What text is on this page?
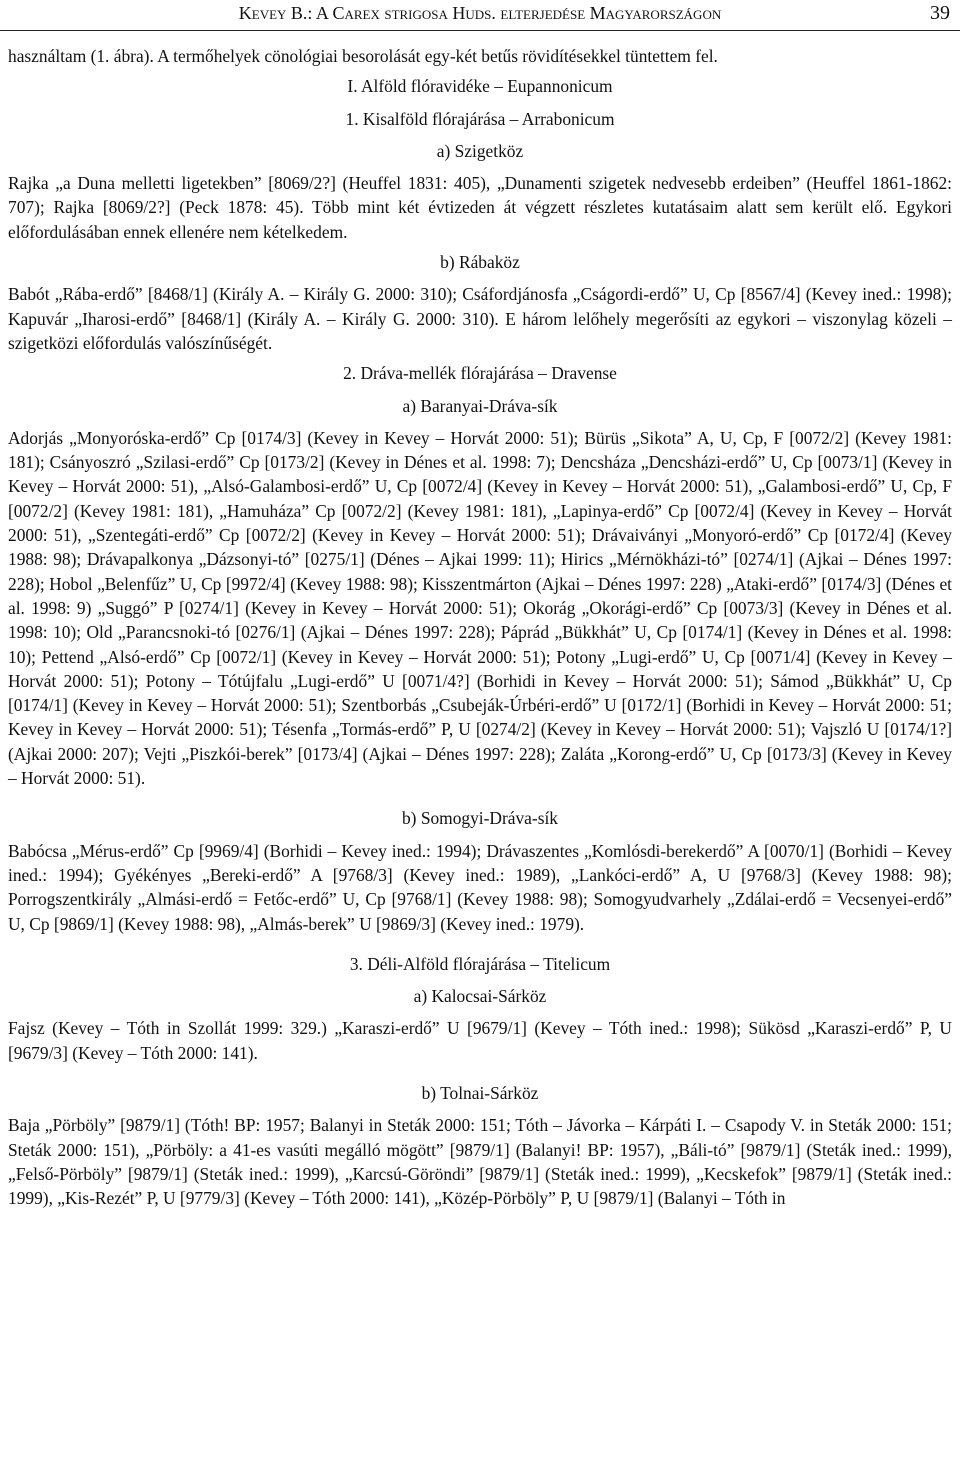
Kevey B.: A Carex strigosa Huds. elterjedése Magyarországon	39

használtam (1. ábra). A termőhelyek cönológiai besorolását egy-két betűs rövidítésekkel tüntettem fel.

I. Alföld flóravidéke – Eupannonicum

1. Kisalföld flórajárása – Arrabonicum

a) Szigetköz

Rajka „a Duna melletti ligetekben” [8069/2?] (Heuffel 1831: 405), „Dunamenti szigetek nedvesebb erdeiben” (Heuffel 1861-1862: 707); Rajka [8069/2?] (Peck 1878: 45). Több mint két évtizeden át végzett részletes kutatásaim alatt sem került elő. Egykori előfordulásában ennek ellenére nem kételkedem.

b) Rábaköz

Babót „Rába-erdő” [8468/1] (Király A. – Király G. 2000: 310); Csáfordjánosfa „Cságordi-erdő” U, Cp [8567/4] (Kevey ined.: 1998); Kapuvár „Iharosi-erdő” [8468/1] (Király A. – Király G. 2000: 310). E három lelőhely megerősíti az egykori – viszonylag közeli – szigetközi előfordulás valószínűségét.

2. Dráva-mellék flórajárása – Dravense

a) Baranyai-Dráva-sík

Adorjás „Monyoróska-erdő” Cp [0174/3] (Kevey in Kevey – Horvát 2000: 51); Bürüs „Sikota” A, U, Cp, F [0072/2] (Kevey 1981: 181); Csányoszró „Szilasi-erdő” Cp [0173/2] (Kevey in Dénes et al. 1998: 7); Dencsháza „Dencsházi-erdő” U, Cp [0073/1] (Kevey in Kevey – Horvát 2000: 51), „Alsó-Galambosi-erdő” U, Cp [0072/4] (Kevey in Kevey – Horvát 2000: 51), „Galambosi-erdő” U, Cp, F [0072/2] (Kevey 1981: 181), „Hamuháza” Cp [0072/2] (Kevey 1981: 181), „Lapinya-erdő” Cp [0072/4] (Kevey in Kevey – Horvát 2000: 51), „Szentegáti-erdő” Cp [0072/2] (Kevey in Kevey – Horvát 2000: 51); Drávaiványi „Monyoró-erdő” Cp [0172/4] (Kevey 1988: 98); Drávapalkonya „Dázsonyi-tó” [0275/1] (Dénes – Ajkai 1999: 11); Hirics „Mérnökházi-tó” [0274/1] (Ajkai – Dénes 1997: 228); Hobol „Belenfűz” U, Cp [9972/4] (Kevey 1988: 98); Kisszentmárton (Ajkai – Dénes 1997: 228) „Ataki-erdő” [0174/3] (Dénes et al. 1998: 9) „Suggó” P [0274/1] (Kevey in Kevey – Horvát 2000: 51); Okorág „Okorági-erdő” Cp [0073/3] (Kevey in Dénes et al. 1998: 10); Old „Parancsnoki-tó [0276/1] (Ajkai – Dénes 1997: 228); Páprád „Bükkhát” U, Cp [0174/1] (Kevey in Dénes et al. 1998: 10); Pettend „Alsó-erdő” Cp [0072/1] (Kevey in Kevey – Horvát 2000: 51); Potony „Lugi-erdő” U, Cp [0071/4] (Kevey in Kevey – Horvát 2000: 51); Potony – Tótújfalu „Lugi-erdő” U [0071/4?] (Borhidi in Kevey – Horvát 2000: 51); Sámod „Bükkhát” U, Cp [0174/1] (Kevey in Kevey – Horvát 2000: 51); Szentborbás „Csubeják-Úrbéri-erdő” U [0172/1] (Borhidi in Kevey – Horvát 2000: 51; Kevey in Kevey – Horvát 2000: 51); Tésenfa „Tormás-erdő” P, U [0274/2] (Kevey in Kevey – Horvát 2000: 51); Vajszló U [0174/1?] (Ajkai 2000: 207); Vejti „Piszkói-berek” [0173/4] (Ajkai – Dénes 1997: 228); Zaláta „Korong-erdő” U, Cp [0173/3] (Kevey in Kevey – Horvát 2000: 51).

b) Somogyi-Dráva-sík

Babócsa „Mérus-erdő” Cp [9969/4] (Borhidi – Kevey ined.: 1994); Drávaszentes „Komlósdi-berekerdő” A [0070/1] (Borhidi – Kevey ined.: 1994); Gyékényes „Bereki-erdő” A [9768/3] (Kevey ined.: 1989), „Lankóci-erdő” A, U [9768/3] (Kevey 1988: 98); Porrogszentkirály „Almási-erdő = Fetőc-erdő” U, Cp [9768/1] (Kevey 1988: 98); Somogyudvarhely „Zdálai-erdő = Vecsenyei-erdő” U, Cp [9869/1] (Kevey 1988: 98), „Almás-berek” U [9869/3] (Kevey ined.: 1979).

3. Déli-Alföld flórajárása – Titelicum

a) Kalocsai-Sárköz

Fajsz (Kevey – Tóth in Szollát 1999: 329.) „Karaszi-erdő” U [9679/1] (Kevey – Tóth ined.: 1998); Sükösd „Karaszi-erdő” P, U [9679/3] (Kevey – Tóth 2000: 141).

b) Tolnai-Sárköz

Baja „Pörböly” [9879/1] (Tóth! BP: 1957; Balanyi in Steták 2000: 151; Tóth – Jávorka – Kárpáti I. – Csapody V. in Steták 2000: 151; Steták 2000: 151), „Pörböly: a 41-es vasúti megálló mögött” [9879/1] (Balanyi! BP: 1957), „Báli-tó” [9879/1] (Steták ined.: 1999), „Felső-Pörböly” [9879/1] (Steták ined.: 1999), „Karcsú-Göröndi” [9879/1] (Steták ined.: 1999), „Kecskefok” [9879/1] (Steták ined.: 1999), „Kis-Rezét” P, U [9779/3] (Kevey – Tóth 2000: 141), „Közép-Pörböly” P, U [9879/1] (Balanyi – Tóth in
